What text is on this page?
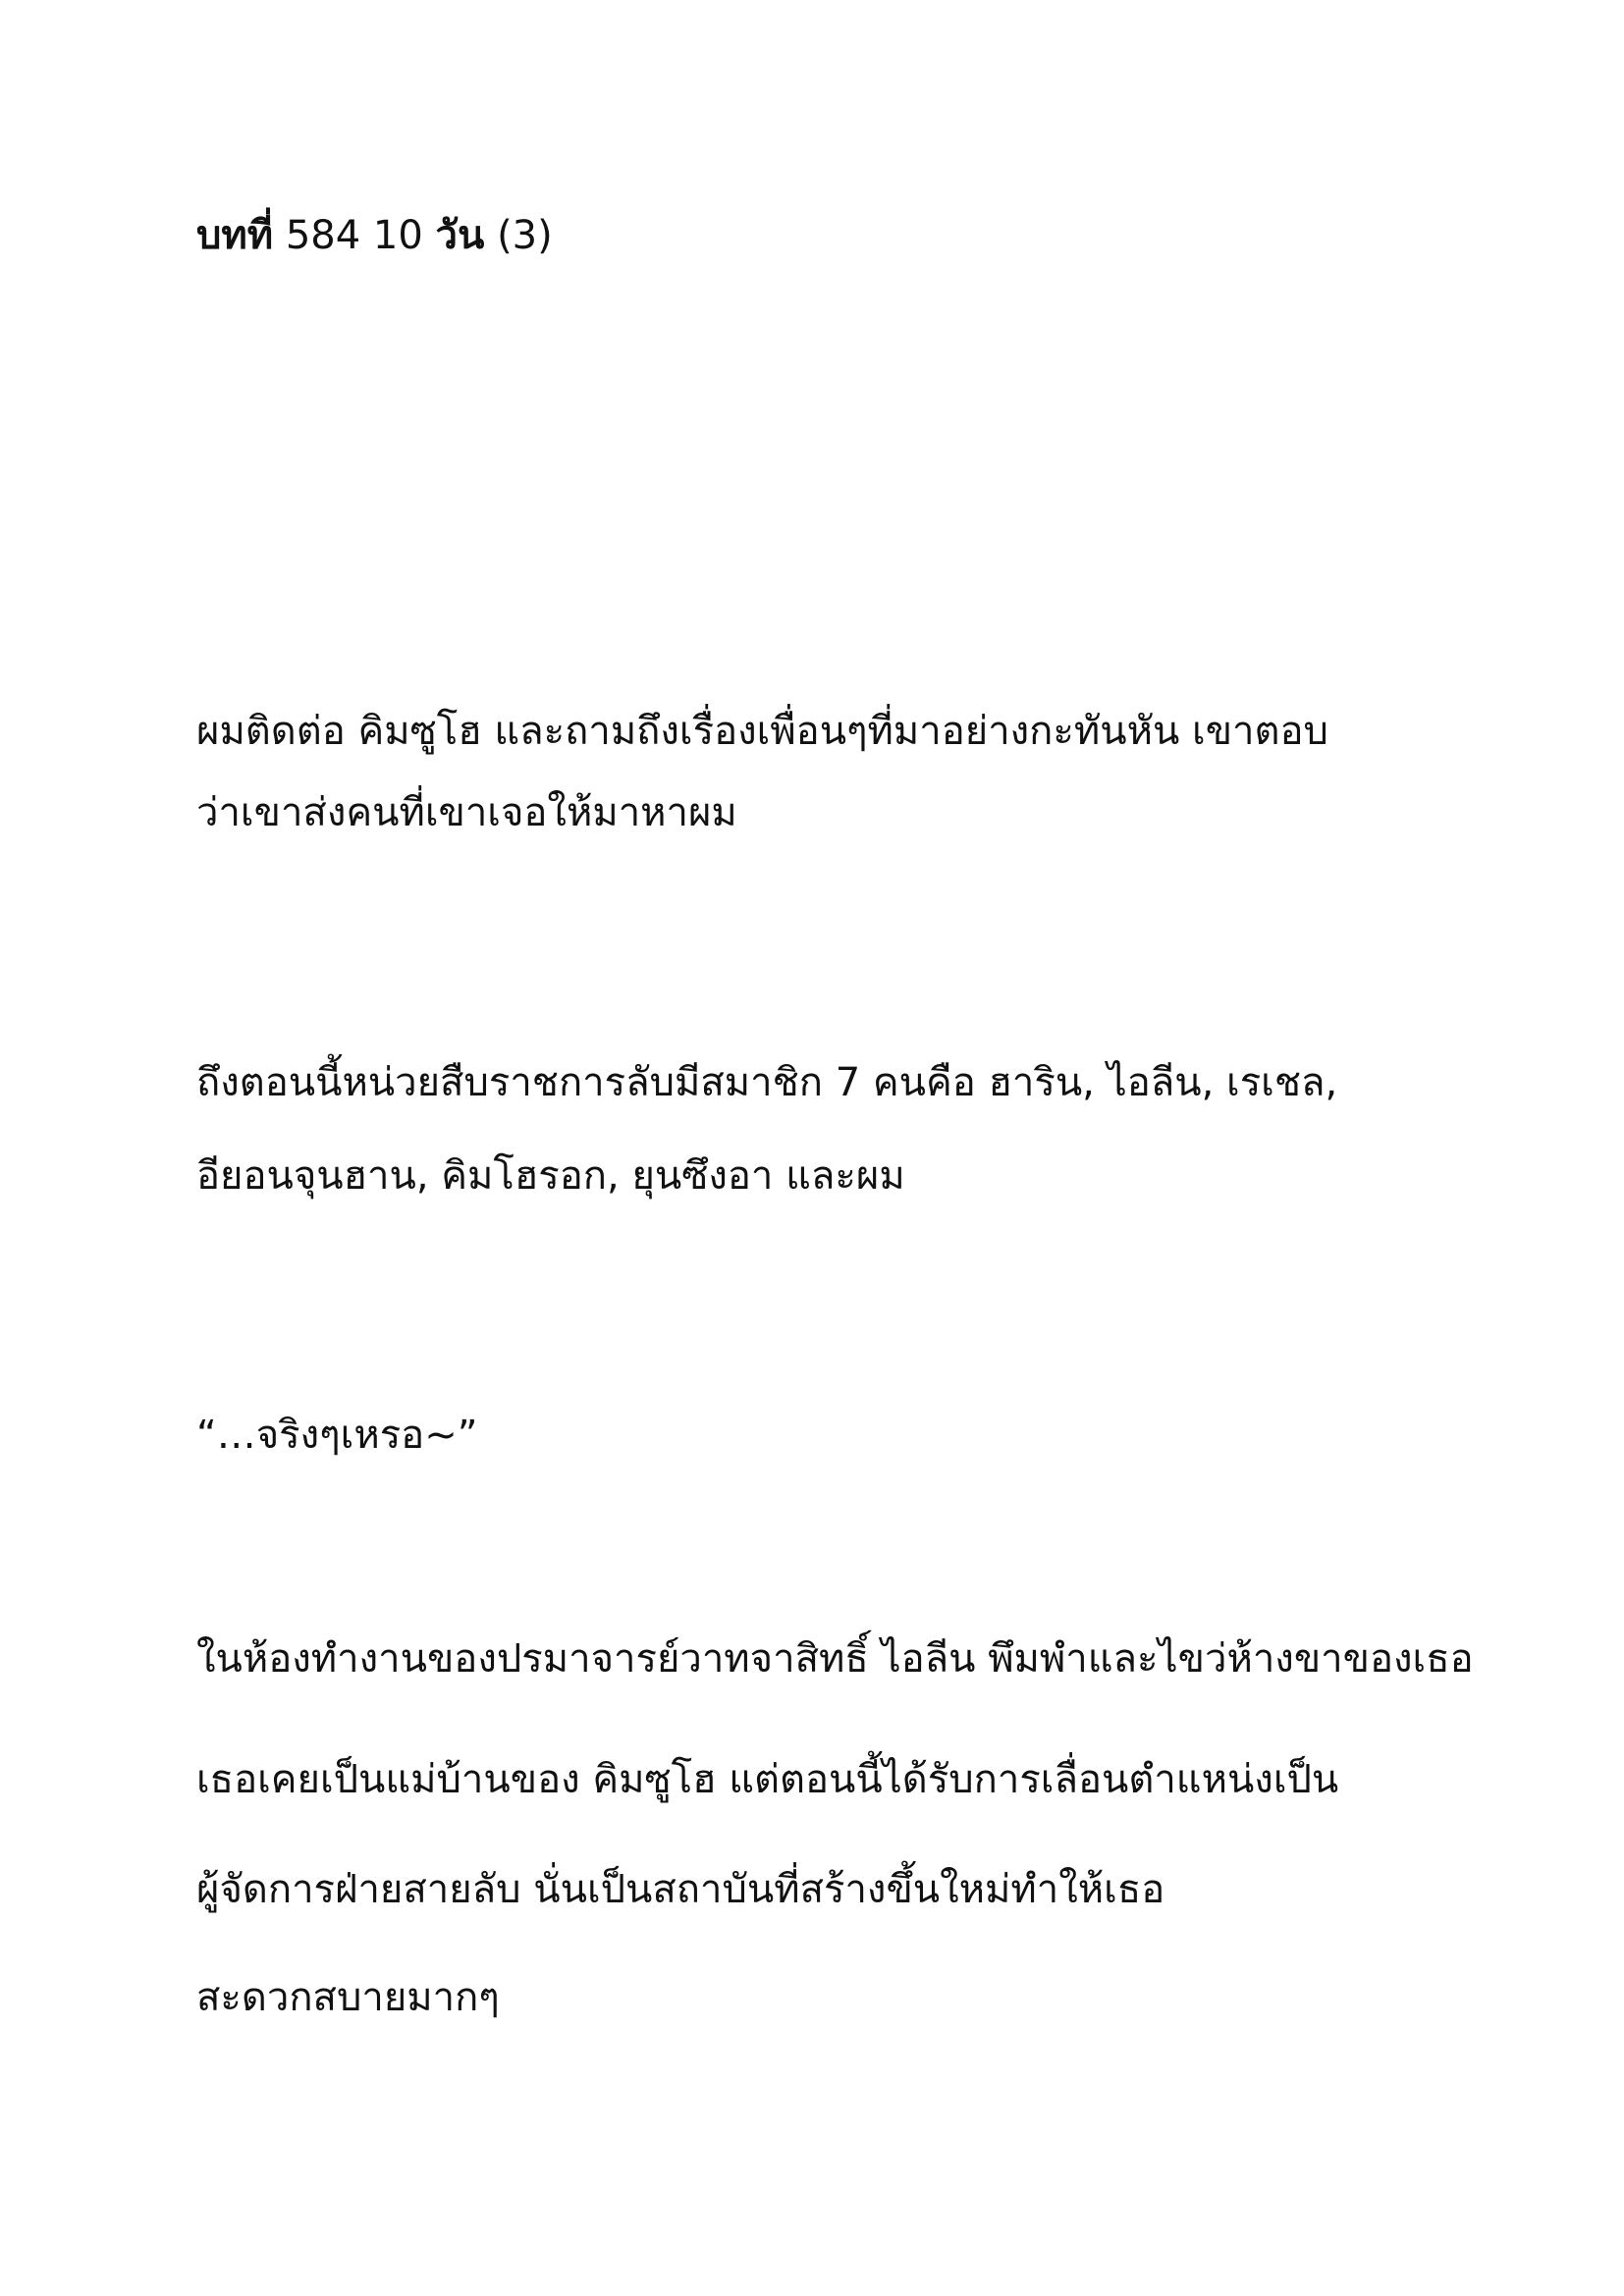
บทที่ 584 10 วัน (3)
ผมติดต่อ คิมซูโฮ และถามถึงเรื่องเพื่อนๆที่มาอย่างกะทันหัน เขาตอบ
ว่าเขาส่งคนที่เขาเจอให้มาหาผม
ถึงตอนนี้หน่วยสืบราชการลับมีสมาชิก 7 คนคือ ฮาริน, ไอลีน, เรเชล,
อียอนจุนฮาน, คิมโฮรอก, ยุนซึงอา และผม
“…จริงๆเหรอ~”
ในห้องทำงานของปรมาจารย์วาทจาสิทธิ์ ไอลีน พึมพำและไขว่ห้างขาของเธอ
เธอเคยเป็นแม่บ้านของ คิมซูโฮ แต่ตอนนี้ได้รับการเลื่อนตำแหน่งเป็น
ผู้จัดการฝ่ายสายลับ นั่นเป็นสถาบันที่สร้างขึ้นใหม่ทำให้เธอ
สะดวกสบายมากๆ
